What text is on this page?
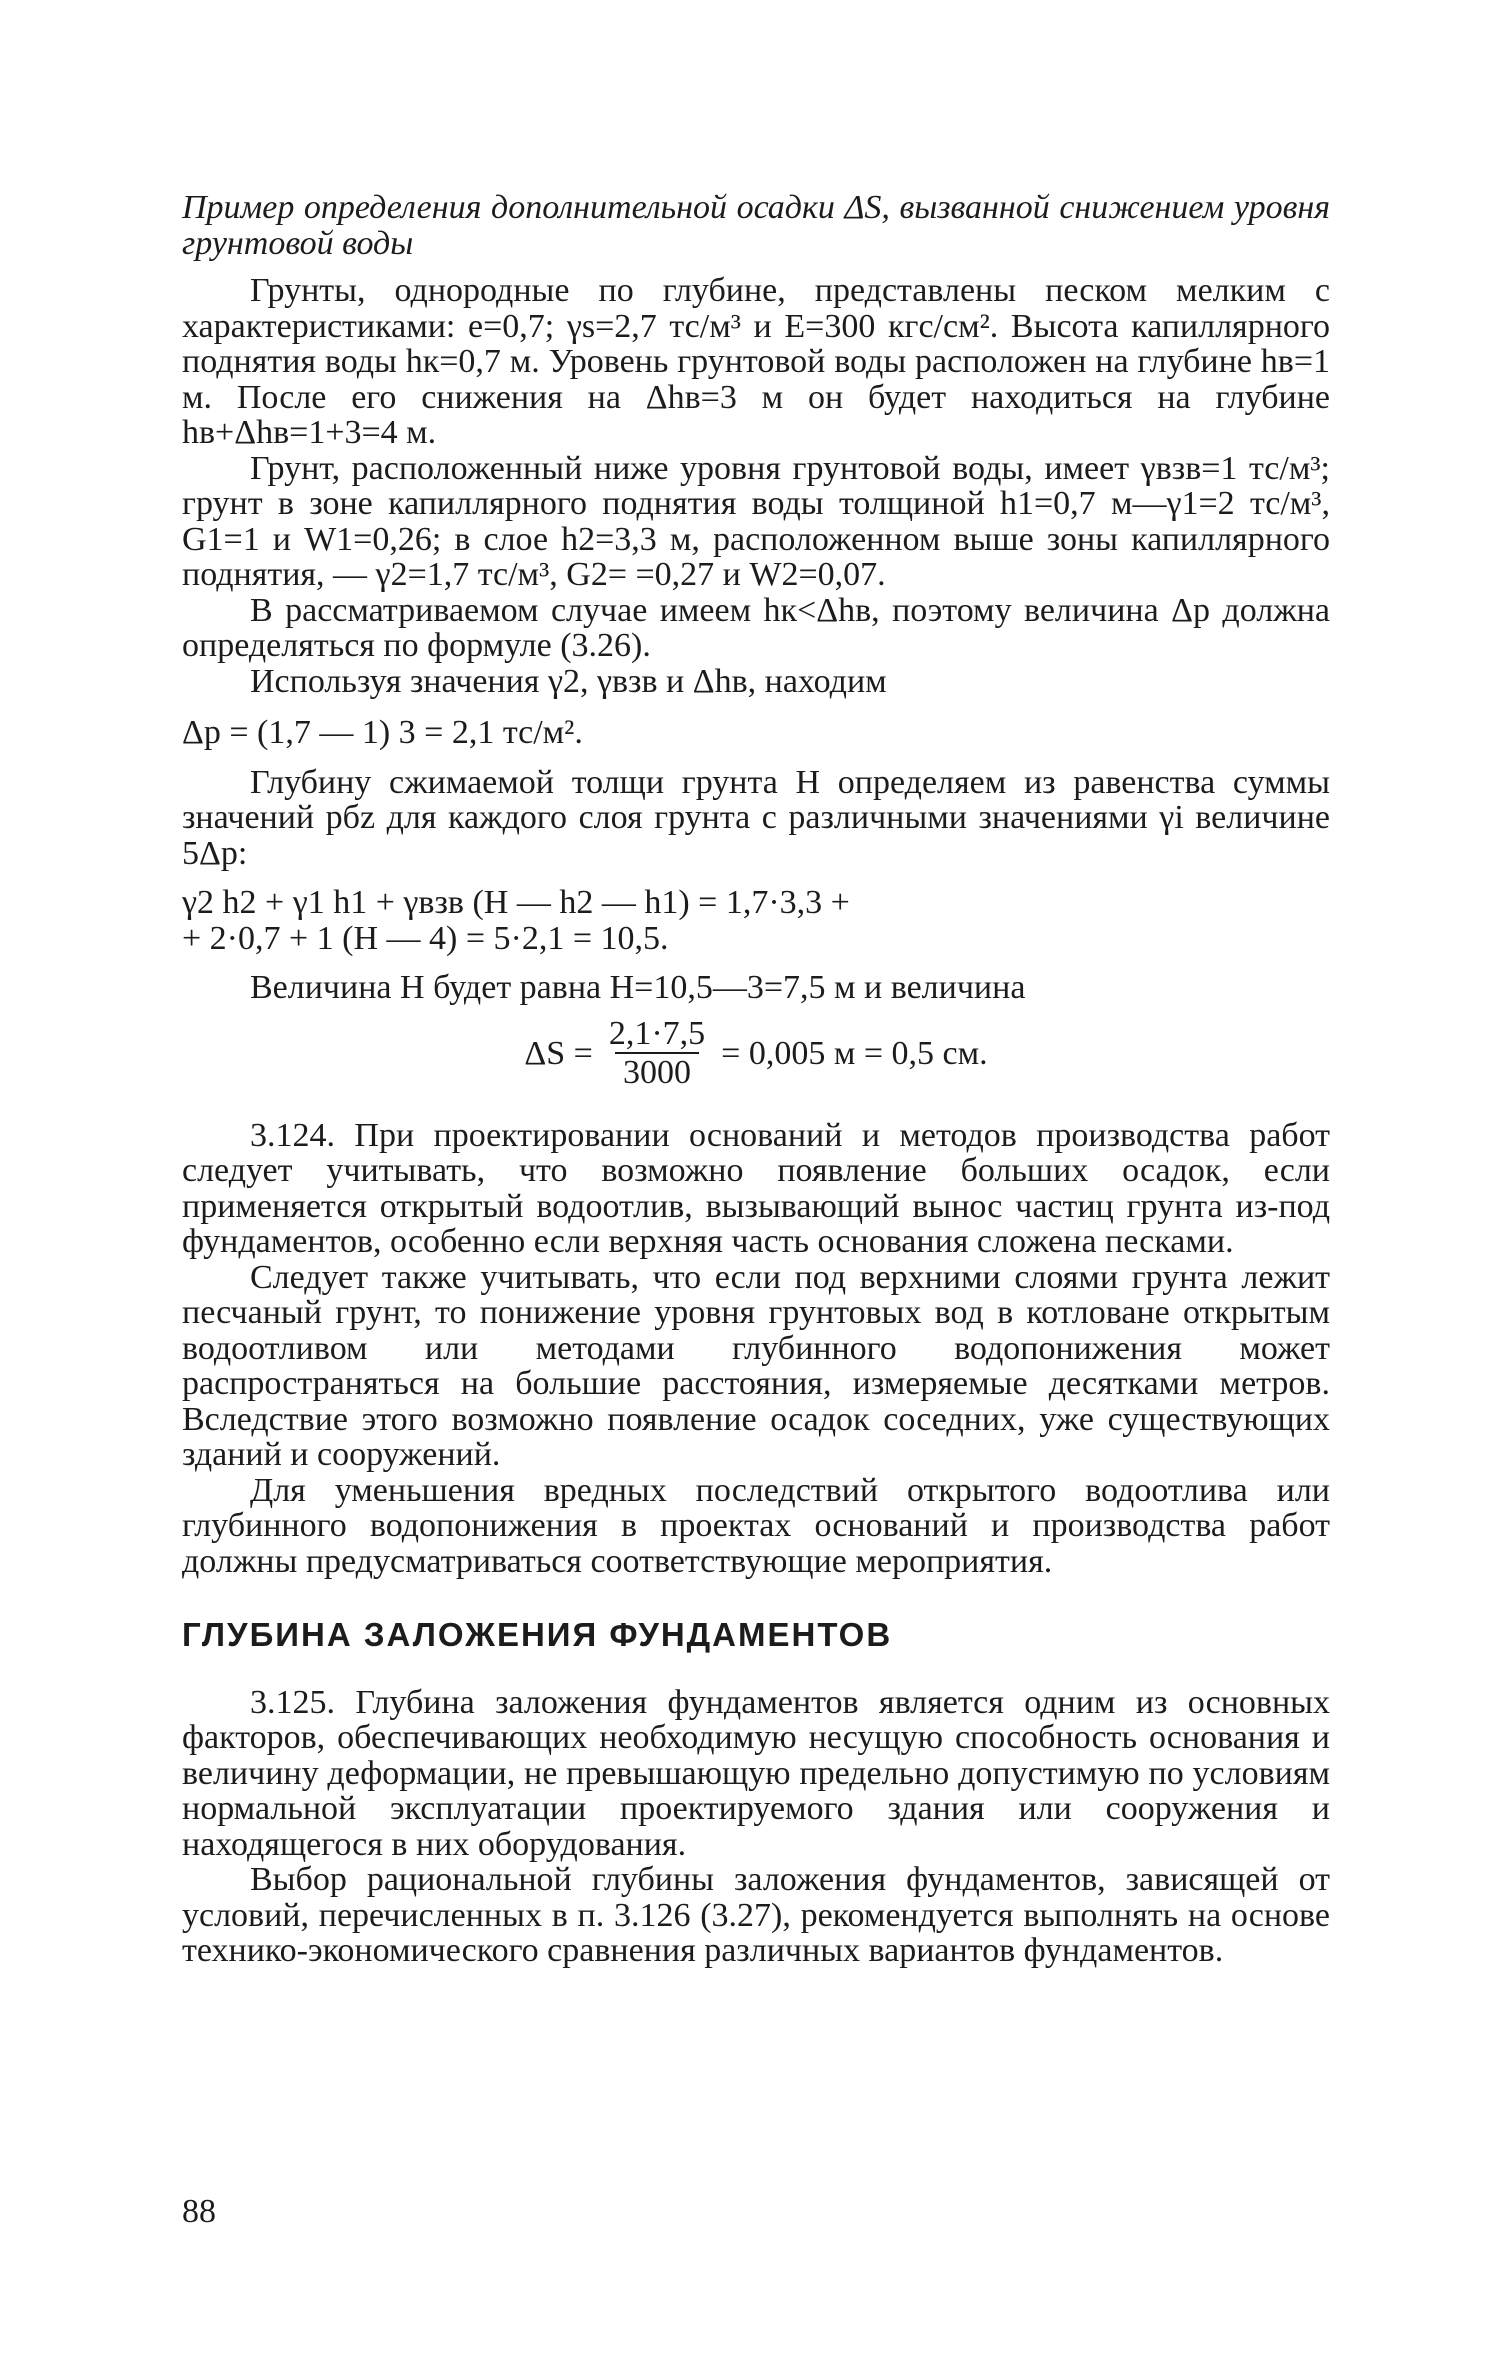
Пример определения дополнительной осадки ΔS, вызванной снижением уровня грунтовой воды

Грунты, однородные по глубине, представлены песком мелким с характеристиками: e=0,7; γs=2,7 тс/м³ и E=300 кгс/см². Высота капиллярного поднятия воды hк=0,7 м. Уровень грунтовой воды расположен на глубине hв=1 м. После его снижения на Δhв=3 м он будет находиться на глубине hв+Δhв=1+3=4 м.

Грунт, расположенный ниже уровня грунтовой воды, имеет γвзв=1 тс/м³; грунт в зоне капиллярного поднятия воды толщиной h1=0,7 м—γ1=2 тс/м³, G1=1 и W1=0,26; в слое h2=3,3 м, расположенном выше зоны капиллярного поднятия, — γ2=1,7 тс/м³, G2= =0,27 и W2=0,07.

В рассматриваемом случае имеем hк<Δhв, поэтому величина Δp должна определяться по формуле (3.26).

Используя значения γ2, γвзв и Δhв, находим

Δp = (1,7 — 1) 3 = 2,1 тс/м².

Глубину сжимаемой толщи грунта H определяем из равенства суммы значений pбz для каждого слоя грунта с различными значениями γi величине 5Δp:

γ2 h2 + γ1 h1 + γвзв (H — h2 — h1) = 1,7·3,3 +

+ 2·0,7 + 1 (H — 4) = 5·2,1 = 10,5.

Величина H будет равна H=10,5—3=7,5 м и величина

$\Delta S = \frac{2,1\cdot 7,5}{3000} = 0,005$ м = 0,5 см.

3.124. При проектировании оснований и методов производства работ следует учитывать, что возможно появление больших осадок, если применяется открытый водоотлив, вызывающий вынос частиц грунта из-под фундаментов, особенно если верхняя часть основания сложена песками.

Следует также учитывать, что если под верхними слоями грунта лежит песчаный грунт, то понижение уровня грунтовых вод в котловане открытым водоотливом или методами глубинного водопонижения может распространяться на большие расстояния, измеряемые десятками метров. Вследствие этого возможно появление осадок соседних, уже существующих зданий и сооружений.

Для уменьшения вредных последствий открытого водоотлива или глубинного водопонижения в проектах оснований и производства работ должны предусматриваться соответствующие мероприятия.

ГЛУБИНА ЗАЛОЖЕНИЯ ФУНДАМЕНТОВ

3.125. Глубина заложения фундаментов является одним из основных факторов, обеспечивающих необходимую несущую способность основания и величину деформации, не превышающую предельно допустимую по условиям нормальной эксплуатации проектируемого здания или сооружения и находящегося в них оборудования.

Выбор рациональной глубины заложения фундаментов, зависящей от условий, перечисленных в п. 3.126 (3.27), рекомендуется выполнять на основе технико-экономического сравнения различных вариантов фундаментов.

88
